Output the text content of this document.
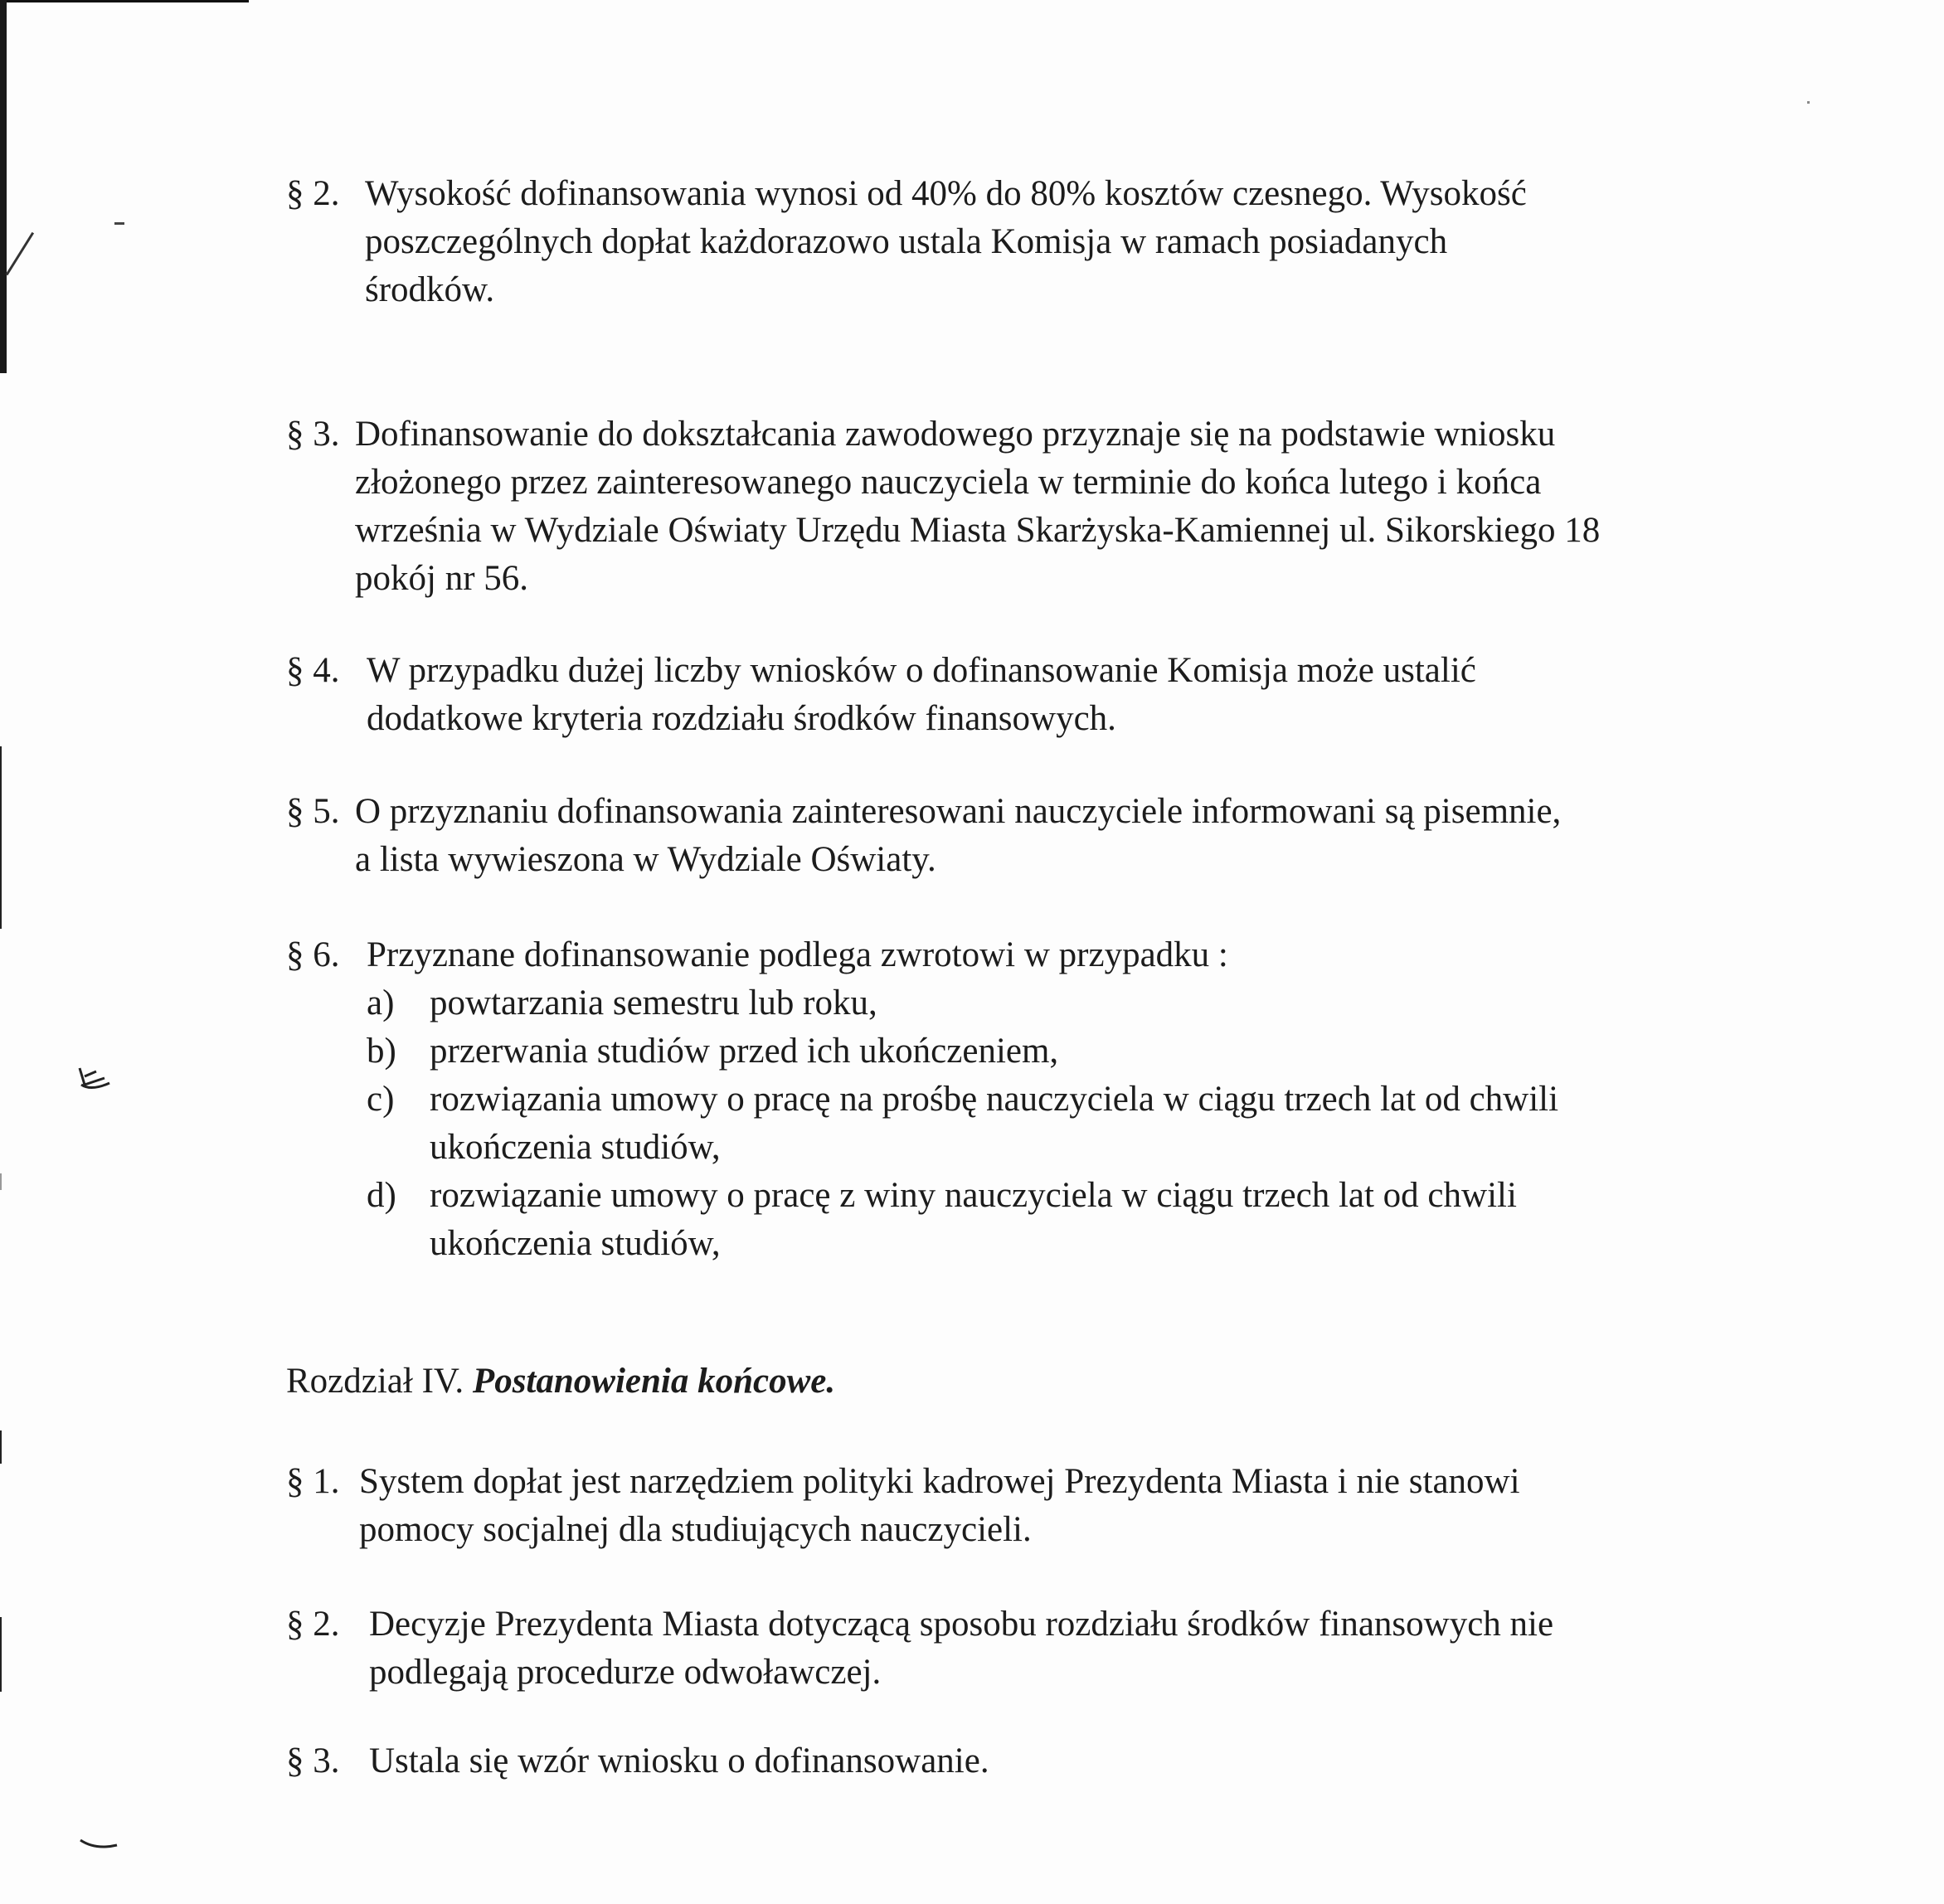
§ 2. Wysokość dofinansowania wynosi od 40% do 80% kosztów czesnego. Wysokość
poszczególnych dopłat każdorazowo ustala Komisja w ramach posiadanych
środków.
§ 3. Dofinansowanie do dokształcania zawodowego przyznaje się na podstawie wniosku
złożonego przez zainteresowanego nauczyciela w terminie do końca lutego i końca
września w Wydziale Oświaty Urzędu Miasta Skarżyska-Kamiennej ul. Sikorskiego 18
pokój nr 56.
§ 4. W przypadku dużej liczby wniosków o dofinansowanie Komisja może ustalić
dodatkowe kryteria rozdziału środków finansowych.
§ 5. O przyznaniu dofinansowania zainteresowani nauczyciele informowani są pisemnie,
a lista wywieszona w Wydziale Oświaty.
§ 6. Przyznane dofinansowanie podlega zwrotowi w przypadku :
a) powtarzania semestru lub roku,
b) przerwania studiów przed ich ukończeniem,
c) rozwiązania umowy o pracę na prośbę nauczyciela w ciągu trzech lat od chwili
ukończenia studiów,
d) rozwiązanie umowy o pracę z winy nauczyciela w ciągu trzech lat od chwili
ukończenia studiów,
Rozdział IV. Postanowienia końcowe.
§ 1. System dopłat jest narzędziem polityki kadrowej Prezydenta Miasta i nie stanowi
pomocy socjalnej dla studiujących nauczycieli.
§ 2. Decyzje Prezydenta Miasta dotyczącą sposobu rozdziału środków finansowych nie
podlegają procedurze odwoławczej.
§ 3. Ustala się wzór wniosku o dofinansowanie.
